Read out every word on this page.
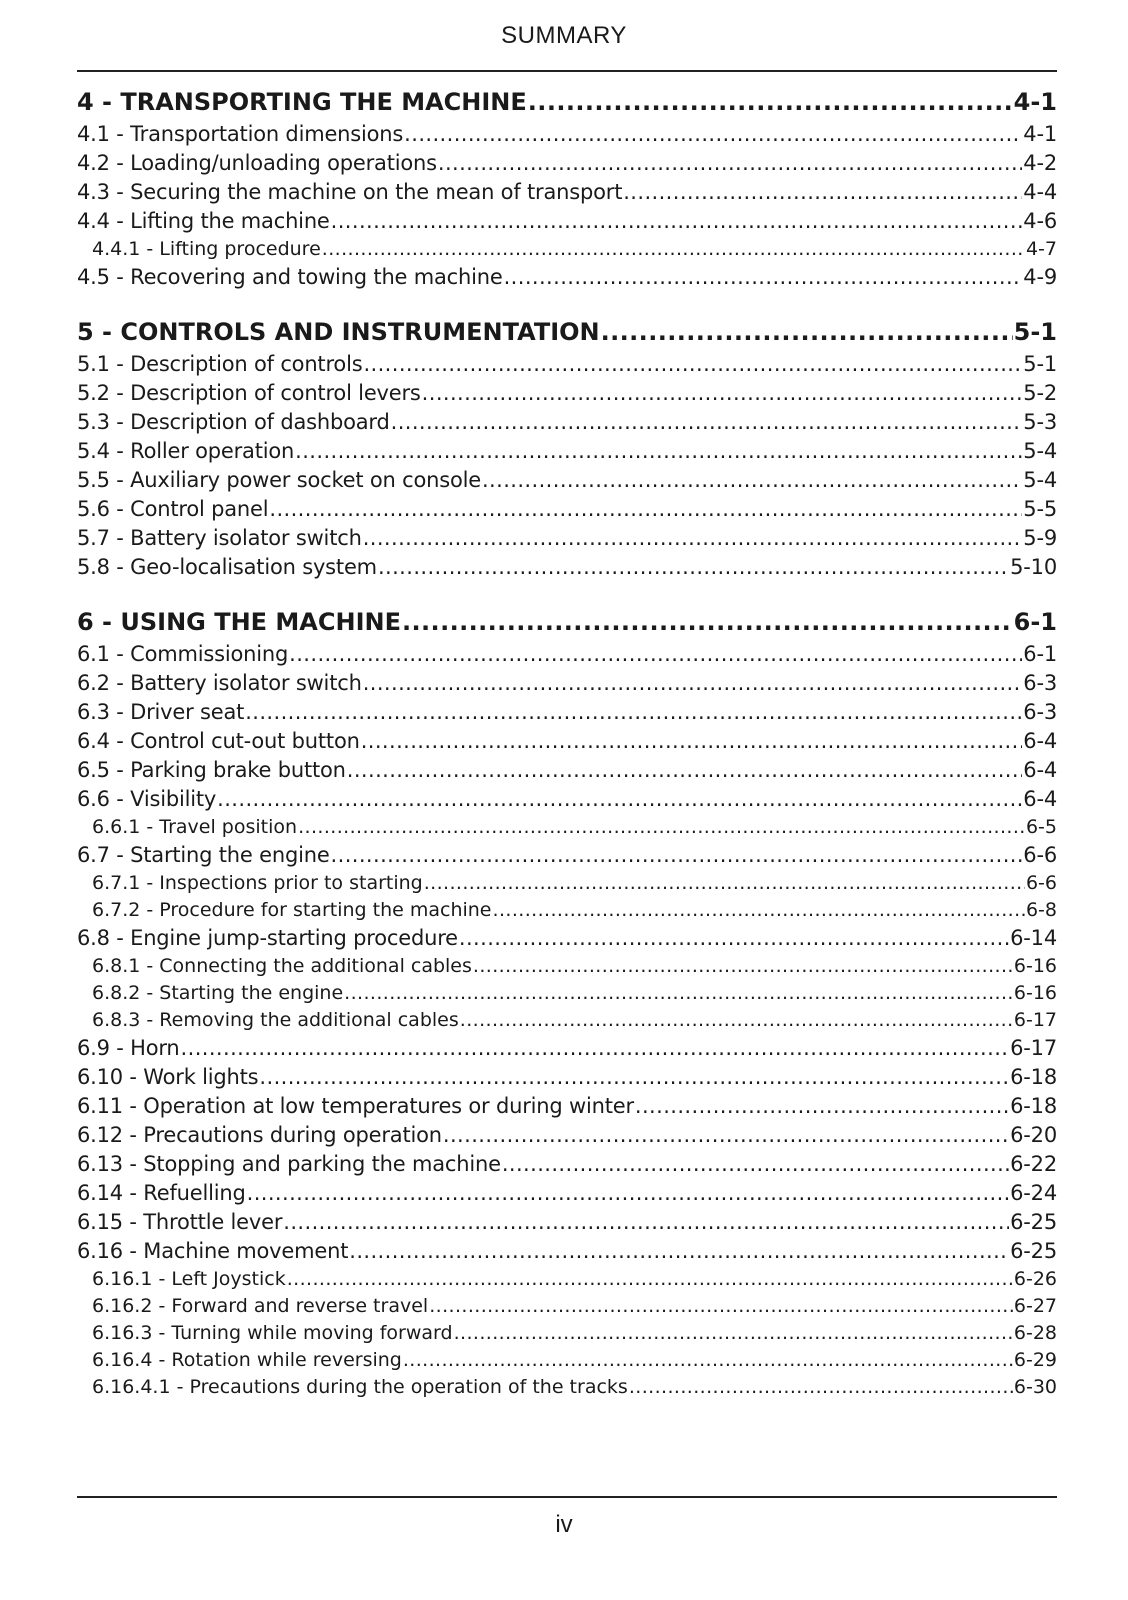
SUMMARY
4 - TRANSPORTING THE MACHINE .....	4-1
4.1 - Transportation dimensions .....	4-1
4.2 - Loading/unloading operations .....	4-2
4.3 - Securing the machine on the mean of transport .....	4-4
4.4 - Lifting the machine .....	4-6
4.4.1 - Lifting procedure .....	4-7
4.5 - Recovering and towing the machine .....	4-9
5 - CONTROLS AND INSTRUMENTATION .....	5-1
5.1 - Description of controls .....	5-1
5.2 - Description of control levers .....	5-2
5.3 - Description of dashboard .....	5-3
5.4 - Roller operation .....	5-4
5.5 - Auxiliary power socket on console .....	5-4
5.6 - Control panel .....	5-5
5.7 - Battery isolator switch .....	5-9
5.8 - Geo-localisation system .....	5-10
6 - USING THE MACHINE .....	6-1
6.1 - Commissioning .....	6-1
6.2 - Battery isolator switch .....	6-3
6.3 - Driver seat .....	6-3
6.4 - Control cut-out button .....	6-4
6.5 - Parking brake button .....	6-4
6.6 - Visibility .....	6-4
6.6.1 - Travel position .....	6-5
6.7 - Starting the engine .....	6-6
6.7.1 - Inspections prior to starting .....	6-6
6.7.2 - Procedure for starting the machine .....	6-8
6.8 - Engine jump-starting procedure .....	6-14
6.8.1 - Connecting the additional cables .....	6-16
6.8.2 - Starting the engine .....	6-16
6.8.3 - Removing the additional cables .....	6-17
6.9 - Horn .....	6-17
6.10 - Work lights .....	6-18
6.11 - Operation at low temperatures or during winter .....	6-18
6.12 - Precautions during operation .....	6-20
6.13 - Stopping and parking the machine .....	6-22
6.14 - Refuelling .....	6-24
6.15 - Throttle lever .....	6-25
6.16 - Machine movement .....	6-25
6.16.1 - Left Joystick .....	6-26
6.16.2 - Forward and reverse travel .....	6-27
6.16.3 - Turning while moving forward .....	6-28
6.16.4 - Rotation while reversing .....	6-29
6.16.4.1 - Precautions during the operation of the tracks .....	6-30
iv
